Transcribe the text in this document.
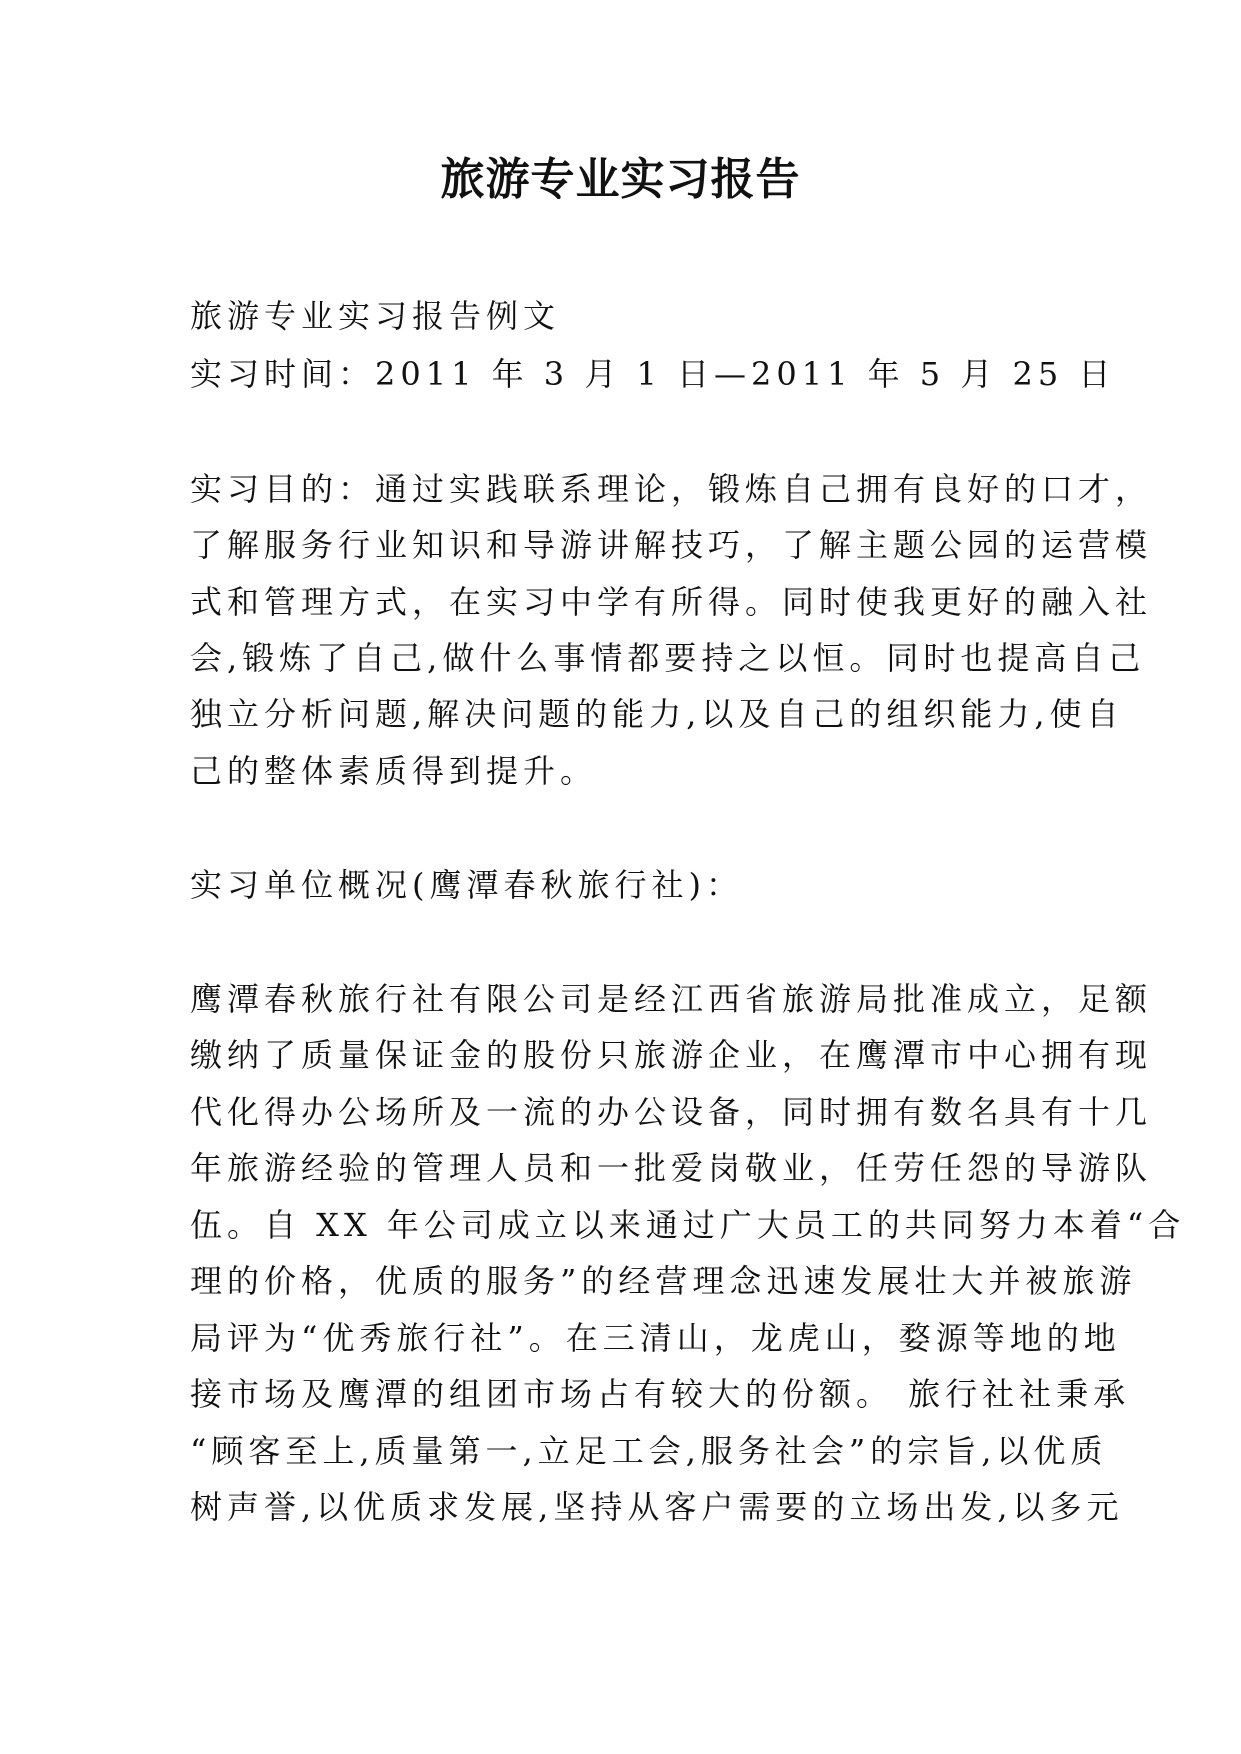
旅游专业实习报告

旅游专业实习报告例文

实习时间：2011 年 3 月 1 日—2011 年 5 月 25 日

实习目的：通过实践联系理论，锻炼自己拥有良好的口才，

了解服务行业知识和导游讲解技巧，了解主题公园的运营模

式和管理方式，在实习中学有所得。同时使我更好的融入社

会,锻炼了自己,做什么事情都要持之以恒。同时也提高自己

独立分析问题,解决问题的能力,以及自己的组织能力,使自

己的整体素质得到提升。

实习单位概况(鹰潭春秋旅行社)：

鹰潭春秋旅行社有限公司是经江西省旅游局批准成立，足额

缴纳了质量保证金的股份只旅游企业，在鹰潭市中心拥有现

代化得办公场所及一流的办公设备，同时拥有数名具有十几

年旅游经验的管理人员和一批爱岗敬业，任劳任怨的导游队

伍。自 XX 年公司成立以来通过广大员工的共同努力本着“合

理的价格，优质的服务”的经营理念迅速发展壮大并被旅游

局评为“优秀旅行社”。在三清山，龙虎山，婺源等地的地

接市场及鹰潭的组团市场占有较大的份额。 旅行社社秉承

“顾客至上,质量第一,立足工会,服务社会”的宗旨,以优质

树声誉,以优质求发展,坚持从客户需要的立场出发,以多元
